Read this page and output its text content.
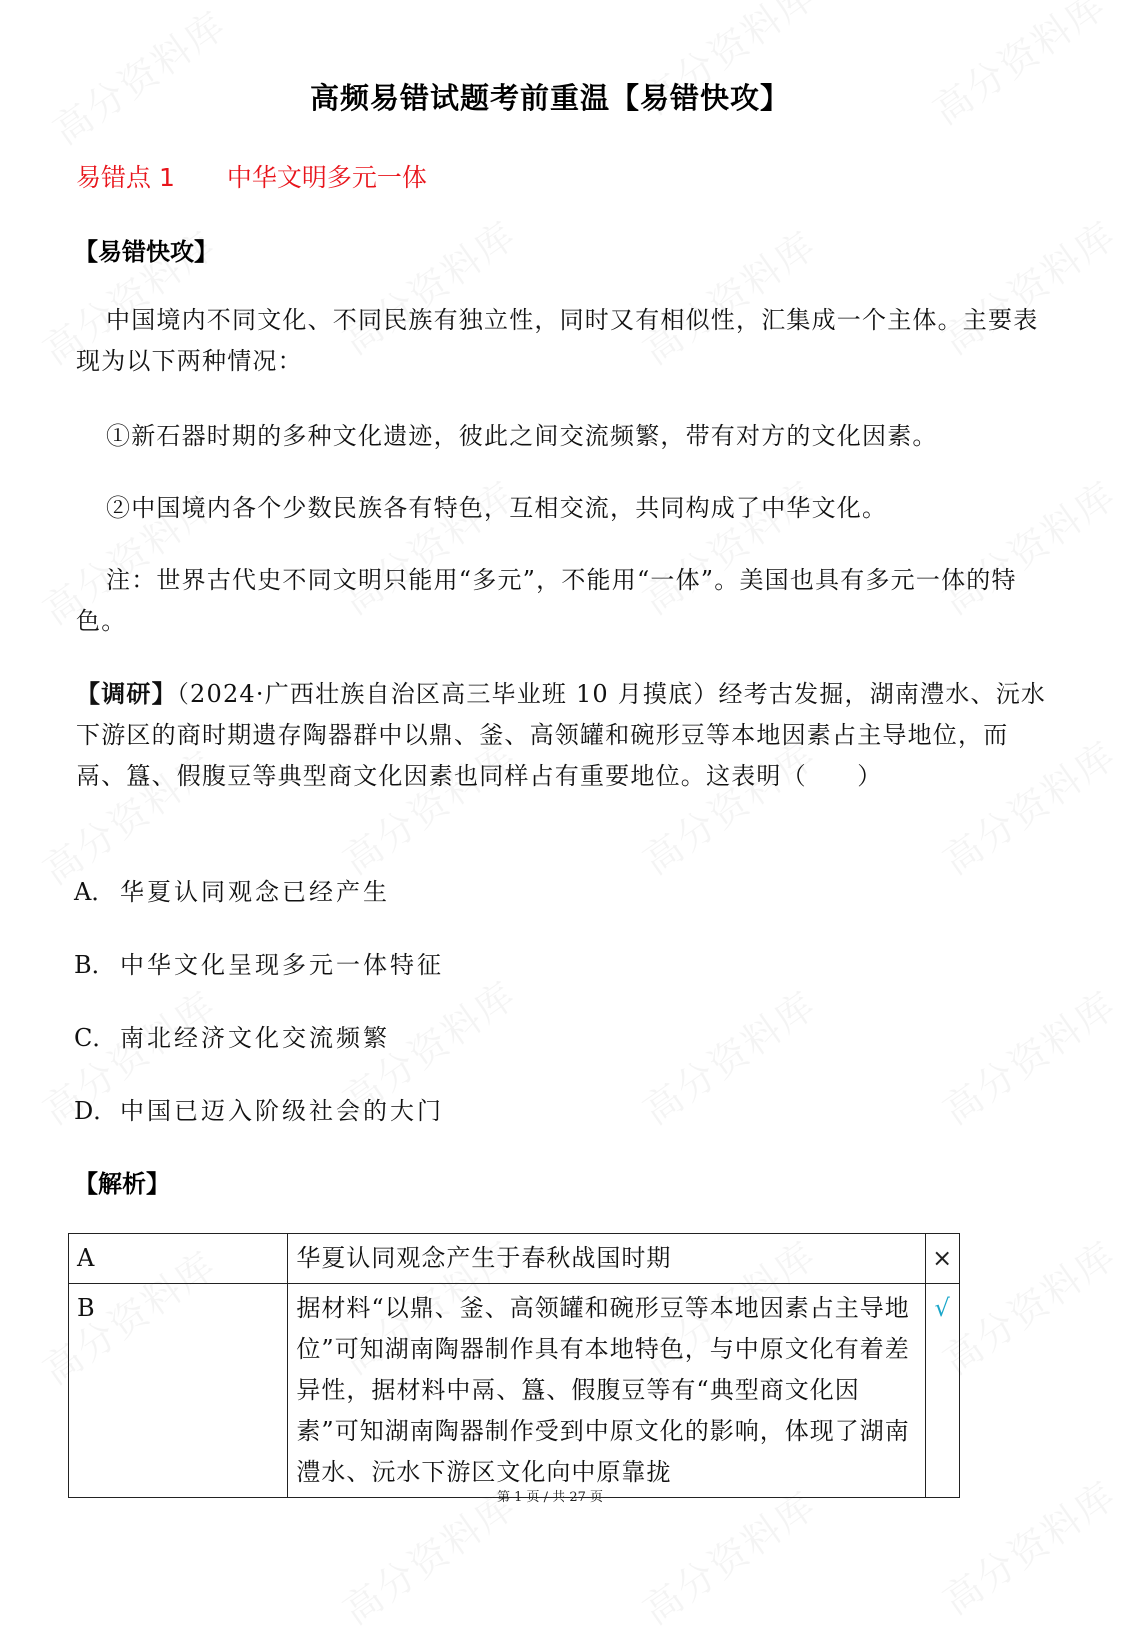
高频易错试题考前重温【易错快攻】
易错点 1 中华文明多元一体
【易错快攻】
中国境内不同文化、不同民族有独立性，同时又有相似性，汇集成一个主体。主要表现为以下两种情况：
①新石器时期的多种文化遗迹，彼此之间交流频繁，带有对方的文化因素。
②中国境内各个少数民族各有特色，互相交流，共同构成了中华文化。
注：世界古代史不同文明只能用“多元”，不能用“一体”。美国也具有多元一体的特色。
【调研】（2024·广西壮族自治区高三毕业班 10 月摸底）经考古发掘，湖南澧水、沅水下游区的商时期遗存陶器群中以鼎、釜、高领罐和碗形豆等本地因素占主导地位，而鬲、簋、假腹豆等典型商文化因素也同样占有重要地位。这表明（　　）
A． 华夏认同观念已经产生
B． 中华文化呈现多元一体特征
C． 南北经济文化交流频繁
D． 中国已迈入阶级社会的大门
【解析】
A	华夏认同观念产生于春秋战国时期	×
B	据材料“以鼎、釜、高领罐和碗形豆等本地因素占主导地位”可知湖南陶器制作具有本地特色，与中原文化有着差异性，据材料中鬲、簋、假腹豆等有“典型商文化因素”可知湖南陶器制作受到中原文化的影响，体现了湖南澧水、沅水下游区文化向中原靠拢	√
第 1 页 / 共 27 页
